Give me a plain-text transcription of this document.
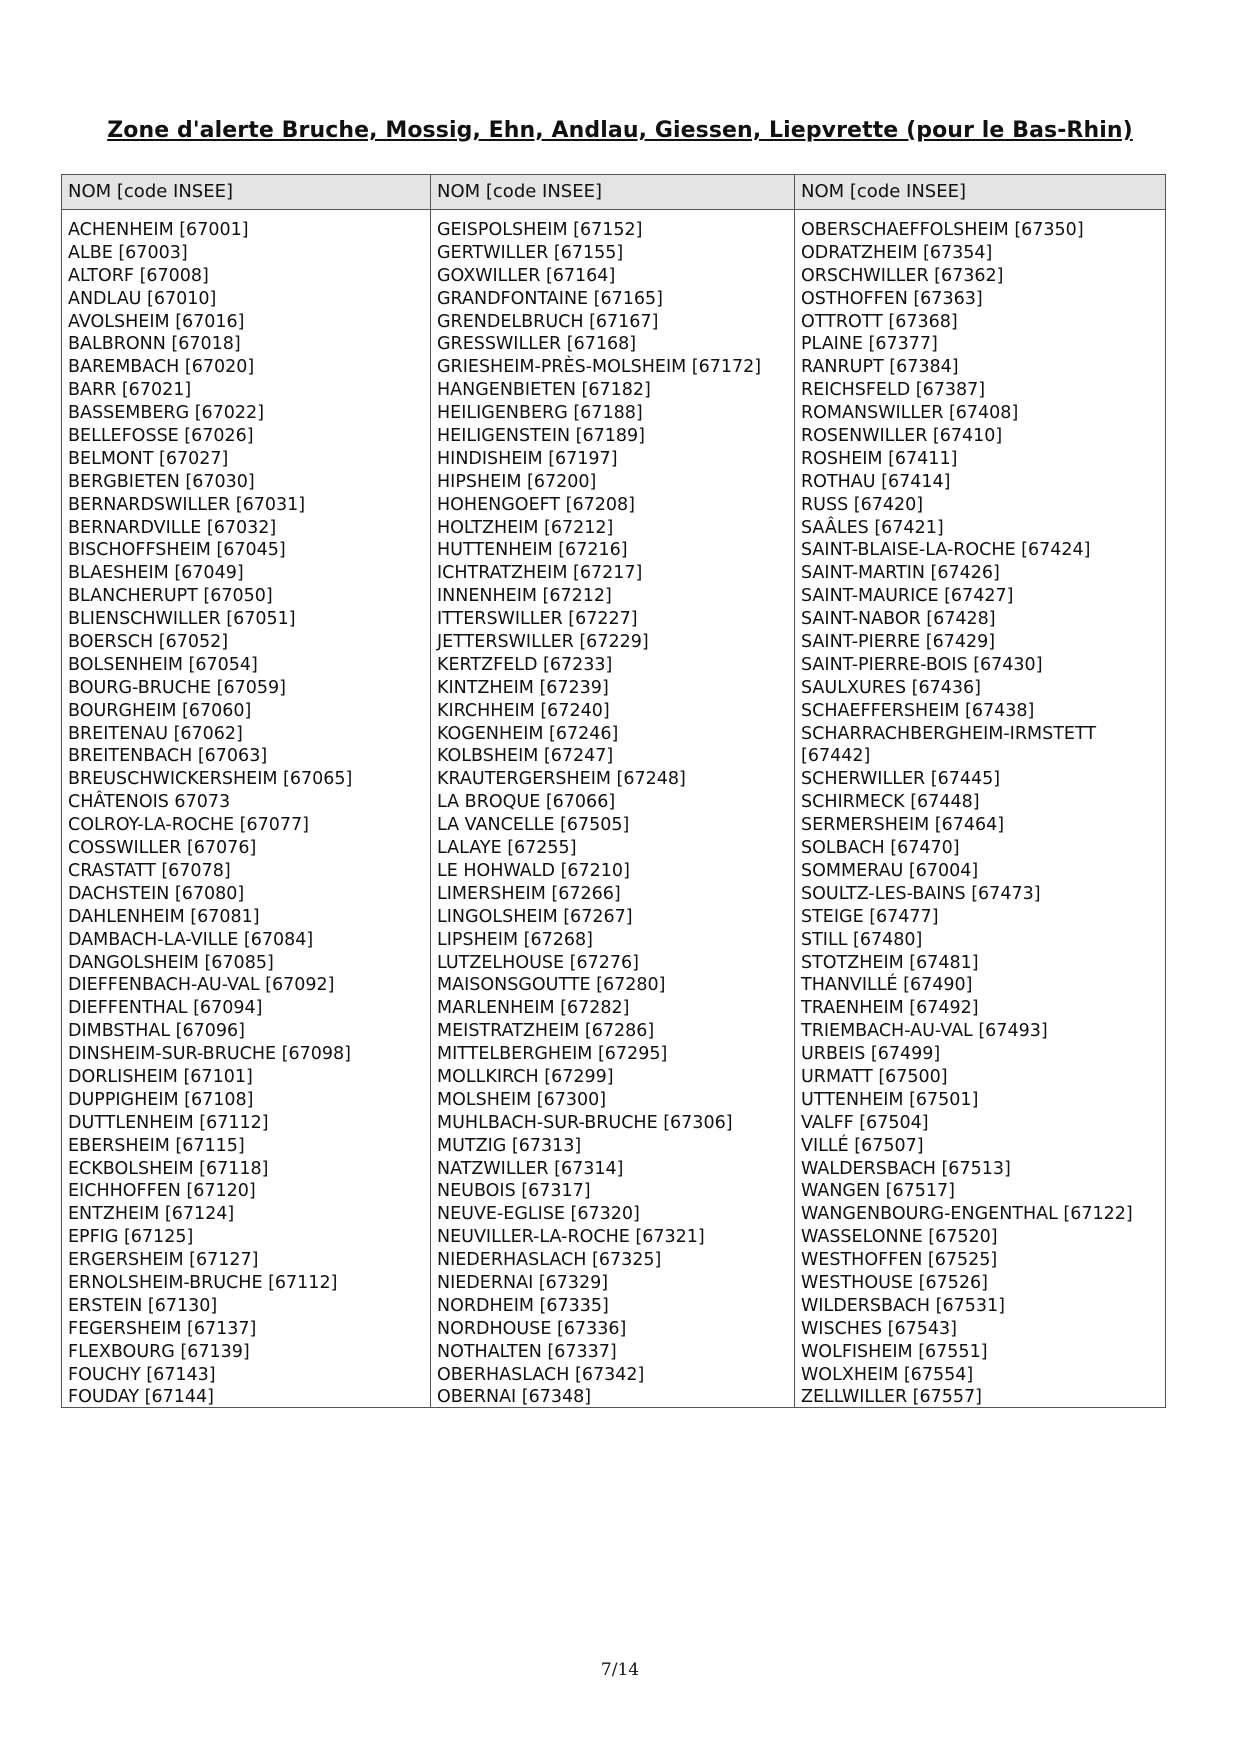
Zone d'alerte Bruche, Mossig, Ehn, Andlau, Giessen, Liepvrette (pour le Bas-Rhin)
NOM [code INSEE]
ACHENHEIM [67001]
ALBE [67003]
ALTORF [67008]
ANDLAU [67010]
AVOLSHEIM [67016]
BALBRONN [67018]
BAREMBACH [67020]
BARR [67021]
BASSEMBERG [67022]
BELLEFOSSE [67026]
BELMONT [67027]
BERGBIETEN [67030]
BERNARDSWILLER [67031]
BERNARDVILLE [67032]
BISCHOFFSHEIM [67045]
BLAESHEIM [67049]
BLANCHERUPT [67050]
BLIENSCHWILLER [67051]
BOERSCH [67052]
BOLSENHEIM [67054]
BOURG-BRUCHE [67059]
BOURGHEIM [67060]
BREITENAU [67062]
BREITENBACH [67063]
BREUSCHWICKERSHEIM [67065]
CHÂTENOIS 67073
COLROY-LA-ROCHE [67077]
COSSWILLER [67076]
CRASTATT [67078]
DACHSTEIN [67080]
DAHLENHEIM [67081]
DAMBACH-LA-VILLE [67084]
DANGOLSHEIM [67085]
DIEFFENBACH-AU-VAL [67092]
DIEFFENTHAL [67094]
DIMBSTHAL [67096]
DINSHEIM-SUR-BRUCHE [67098]
DORLISHEIM [67101]
DUPPIGHEIM [67108]
DUTTLENHEIM [67112]
EBERSHEIM [67115]
ECKBOLSHEIM [67118]
EICHHOFFEN [67120]
ENTZHEIM [67124]
EPFIG [67125]
ERGERSHEIM [67127]
ERNOLSHEIM-BRUCHE [67112]
ERSTEIN [67130]
FEGERSHEIM [67137]
FLEXBOURG [67139]
FOUCHY [67143]
FOUDAY [67144]
NOM [code INSEE]
GEISPOLSHEIM [67152]
GERTWILLER [67155]
GOXWILLER [67164]
GRANDFONTAINE [67165]
GRENDELBRUCH [67167]
GRESSWILLER [67168]
GRIESHEIM-PRÈS-MOLSHEIM [67172]
HANGENBIETEN [67182]
HEILIGENBERG [67188]
HEILIGENSTEIN [67189]
HINDISHEIM [67197]
HIPSHEIM [67200]
HOHENGOEFT [67208]
HOLTZHEIM [67212]
HUTTENHEIM [67216]
ICHTRATZHEIM [67217]
INNENHEIM [67212]
ITTERSWILLER [67227]
JETTERSWILLER [67229]
KERTZFELD [67233]
KINTZHEIM [67239]
KIRCHHEIM [67240]
KOGENHEIM [67246]
KOLBSHEIM [67247]
KRAUTERGERSHEIM [67248]
LA BROQUE [67066]
LA VANCELLE [67505]
LALAYE [67255]
LE HOHWALD [67210]
LIMERSHEIM [67266]
LINGOLSHEIM [67267]
LIPSHEIM [67268]
LUTZELHOUSE [67276]
MAISONSGOUTTE [67280]
MARLENHEIM [67282]
MEISTRATZHEIM [67286]
MITTELBERGHEIM [67295]
MOLLKIRCH [67299]
MOLSHEIM [67300]
MUHLBACH-SUR-BRUCHE [67306]
MUTZIG [67313]
NATZWILLER [67314]
NEUBOIS [67317]
NEUVE-EGLISE [67320]
NEUVILLER-LA-ROCHE [67321]
NIEDERHASLACH [67325]
NIEDERNAI [67329]
NORDHEIM [67335]
NORDHOUSE [67336]
NOTHALTEN [67337]
OBERHASLACH [67342]
OBERNAI [67348]
NOM [code INSEE]
OBERSCHAEFFOLSHEIM [67350]
ODRATZHEIM [67354]
ORSCHWILLER [67362]
OSTHOFFEN [67363]
OTTROTT [67368]
PLAINE [67377]
RANRUPT [67384]
REICHSFELD [67387]
ROMANSWILLER [67408]
ROSENWILLER [67410]
ROSHEIM [67411]
ROTHAU [67414]
RUSS [67420]
SAÂLES [67421]
SAINT-BLAISE-LA-ROCHE [67424]
SAINT-MARTIN [67426]
SAINT-MAURICE [67427]
SAINT-NABOR [67428]
SAINT-PIERRE [67429]
SAINT-PIERRE-BOIS [67430]
SAULXURES [67436]
SCHAEFFERSHEIM [67438]
SCHARRACHBERGHEIM-IRMSTETT
[67442]
SCHERWILLER [67445]
SCHIRMECK [67448]
SERMERSHEIM [67464]
SOLBACH [67470]
SOMMERAU [67004]
SOULTZ-LES-BAINS [67473]
STEIGE [67477]
STILL [67480]
STOTZHEIM [67481]
THANVILLÉ [67490]
TRAENHEIM [67492]
TRIEMBACH-AU-VAL [67493]
URBEIS [67499]
URMATT [67500]
UTTENHEIM [67501]
VALFF [67504]
VILLÉ [67507]
WALDERSBACH [67513]
WANGEN [67517]
WANGENBOURG-ENGENTHAL [67122]
WASSELONNE [67520]
WESTHOFFEN [67525]
WESTHOUSE [67526]
WILDERSBACH [67531]
WISCHES [67543]
WOLFISHEIM [67551]
WOLXHEIM [67554]
ZELLWILLER [67557]
7/14
